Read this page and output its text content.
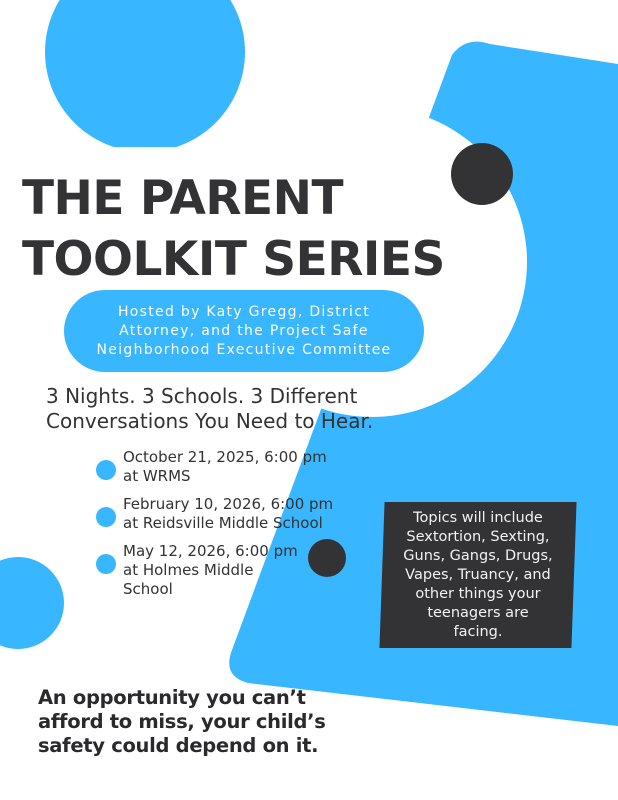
THE PARENT
TOOLKIT SERIES
Hosted by Katy Gregg, District
Attorney, and the Project Safe
Neighborhood Executive Committee

3 Nights. 3 Schools. 3 Different
Conversations You Need to Hear.

October 21, 2025, 6:00 pm
at WRMS
February 10, 2026, 6:00 pm
at Reidsville Middle School
May 12, 2026, 6:00 pm
at Holmes Middle
School

Topics will include
Sextortion, Sexting,
Guns, Gangs, Drugs,
Vapes, Truancy, and
other things your
teenagers are
facing.

An opportunity you can’t
afford to miss, your child’s
safety could depend on it.
